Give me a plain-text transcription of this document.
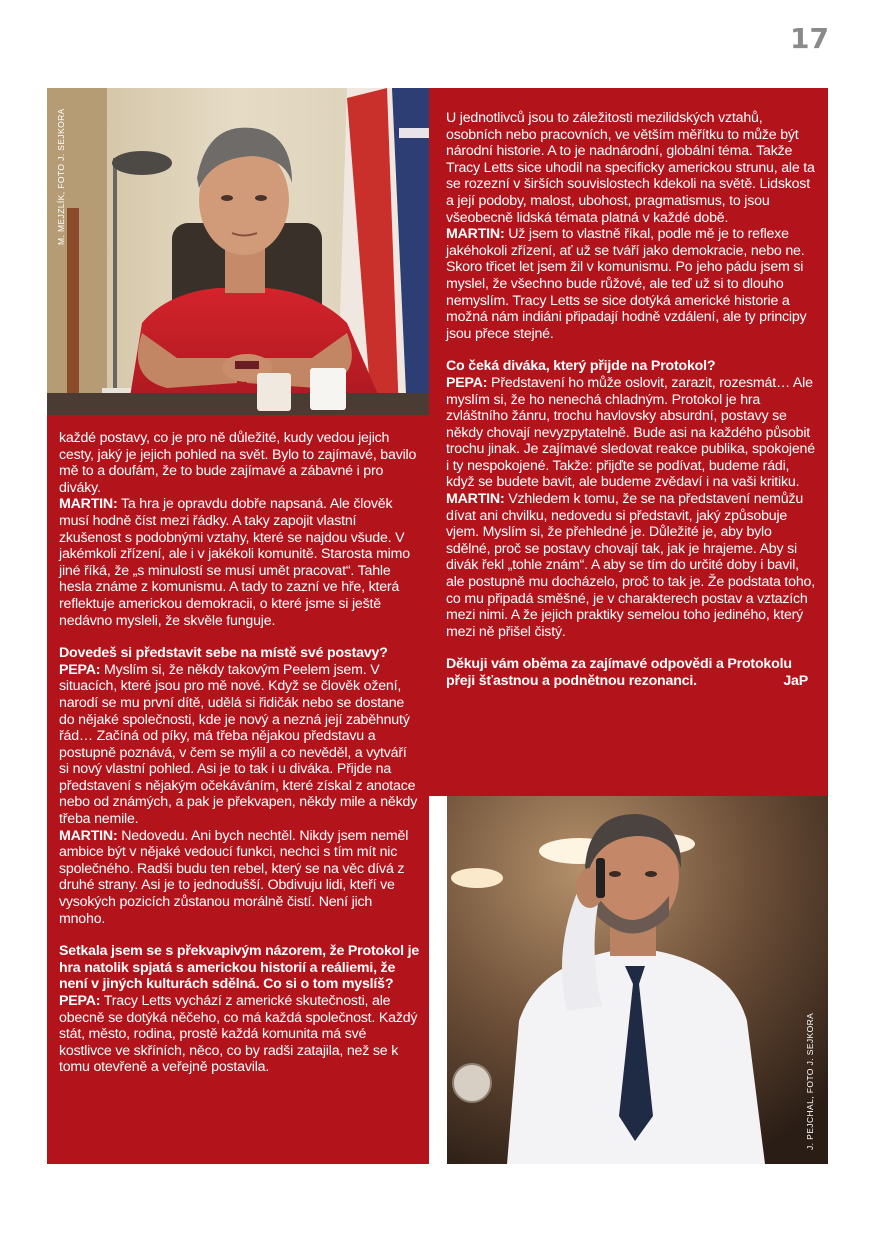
17
M. MEJZLÍK, FOTO J. SEJKORA
J. PEJCHAL, FOTO J. SEJKORA

každé postavy, co je pro ně důležité, kudy vedou jejich cesty, jaký je jejich pohled na svět. Bylo to zajímavé, bavilo mě to a doufám, že to bude zajímavé a zábavné i pro diváky.

MARTIN: Ta hra je opravdu dobře napsaná. Ale člověk musí hodně číst mezi řádky. A taky zapojit vlastní zkušenost s podobnými vztahy, které se najdou všude. V jakémkoli zřízení, ale i v jakékoli komunitě. Starosta mimo jiné říká, že „s minulostí se musí umět pracovat“. Tahle hesla známe z komunismu. A tady to zazní ve hře, která reflektuje americkou demokracii, o které jsme si ještě nedávno mysleli, že skvěle funguje.

Dovedeš si představit sebe na místě své postavy?

PEPA: Myslím si, že někdy takovým Peelem jsem. V situacích, které jsou pro mě nové. Když se člověk ožení, narodí se mu první dítě, udělá si řidičák nebo se dostane do nějaké společnosti, kde je nový a nezná její zaběhnutý řád… Začíná od píky, má třeba nějakou představu a postupně poznává, v čem se mýlil a co nevěděl, a vytváří si nový vlastní pohled. Asi je to tak i u diváka. Přijde na představení s nějakým očekáváním, které získal z anotace nebo od známých, a pak je překvapen, někdy mile a někdy třeba nemile.

MARTIN: Nedovedu. Ani bych nechtěl. Nikdy jsem neměl ambice být v nějaké vedoucí funkci, nechci s tím mít nic společného. Radši budu ten rebel, který se na věc dívá z druhé strany. Asi je to jednodušší. Obdivuju lidi, kteří ve vysokých pozicích zůstanou morálně čistí. Není jich mnoho.

Setkala jsem se s překvapivým názorem, že Protokol je hra natolik spjatá s americkou historií a reáliemi, že není v jiných kulturách sdělná. Co si o tom myslíš?

PEPA: Tracy Letts vychází z americké skutečnosti, ale obecně se dotýká něčeho, co má každá společnost. Každý stát, město, rodina, prostě každá komunita má své kostlivce ve skříních, něco, co by radši zatajila, než se k tomu otevřeně a veřejně postavila.

U jednotlivců jsou to záležitosti mezilidských vztahů, osobních nebo pracovních, ve větším měřítku to může být národní historie. A to je nadnárodní, globální téma. Takže Tracy Letts sice uhodil na specificky americkou strunu, ale ta se rozezní v širších souvislostech kdekoli na světě. Lidskost a její podoby, malost, ubohost, pragmatismus, to jsou všeobecně lidská témata platná v každé době.

MARTIN: Už jsem to vlastně říkal, podle mě je to reflexe jakéhokoli zřízení, ať už se tváří jako demokracie, nebo ne. Skoro třicet let jsem žil v komunismu. Po jeho pádu jsem si myslel, že všechno bude růžové, ale teď už si to dlouho nemyslím. Tracy Letts se sice dotýká americké historie a možná nám indiáni připadají hodně vzdálení, ale ty principy jsou přece stejné.

Co čeká diváka, který přijde na Protokol?

PEPA: Představení ho může oslovit, zarazit, rozesmát… Ale myslím si, že ho nenechá chladným. Protokol je hra zvláštního žánru, trochu havlovsky absurdní, postavy se někdy chovají nevyzpytatelně. Bude asi na každého působit trochu jinak. Je zajímavé sledovat reakce publika, spokojené i ty nespokojené. Takže: přijďte se podívat, budeme rádi, když se budete bavit, ale budeme zvědaví i na vaši kritiku.

MARTIN: Vzhledem k tomu, že se na představení nemůžu dívat ani chvilku, nedovedu si představit, jaký způsobuje vjem. Myslím si, že přehledné je. Důležité je, aby bylo sdělné, proč se postavy chovají tak, jak je hrajeme. Aby si divák řekl „tohle znám“. A aby se tím do určité doby i bavil, ale postupně mu docházelo, proč to tak je. Že podstata toho, co mu připadá směšné, je v charakterech postav a vztazích mezi nimi. A že jejich praktiky semelou toho jediného, který mezi ně přišel čistý.

Děkuji vám oběma za zajímavé odpovědi a Protokolu přeji šťastnou a podnětnou rezonanci.	JaP
